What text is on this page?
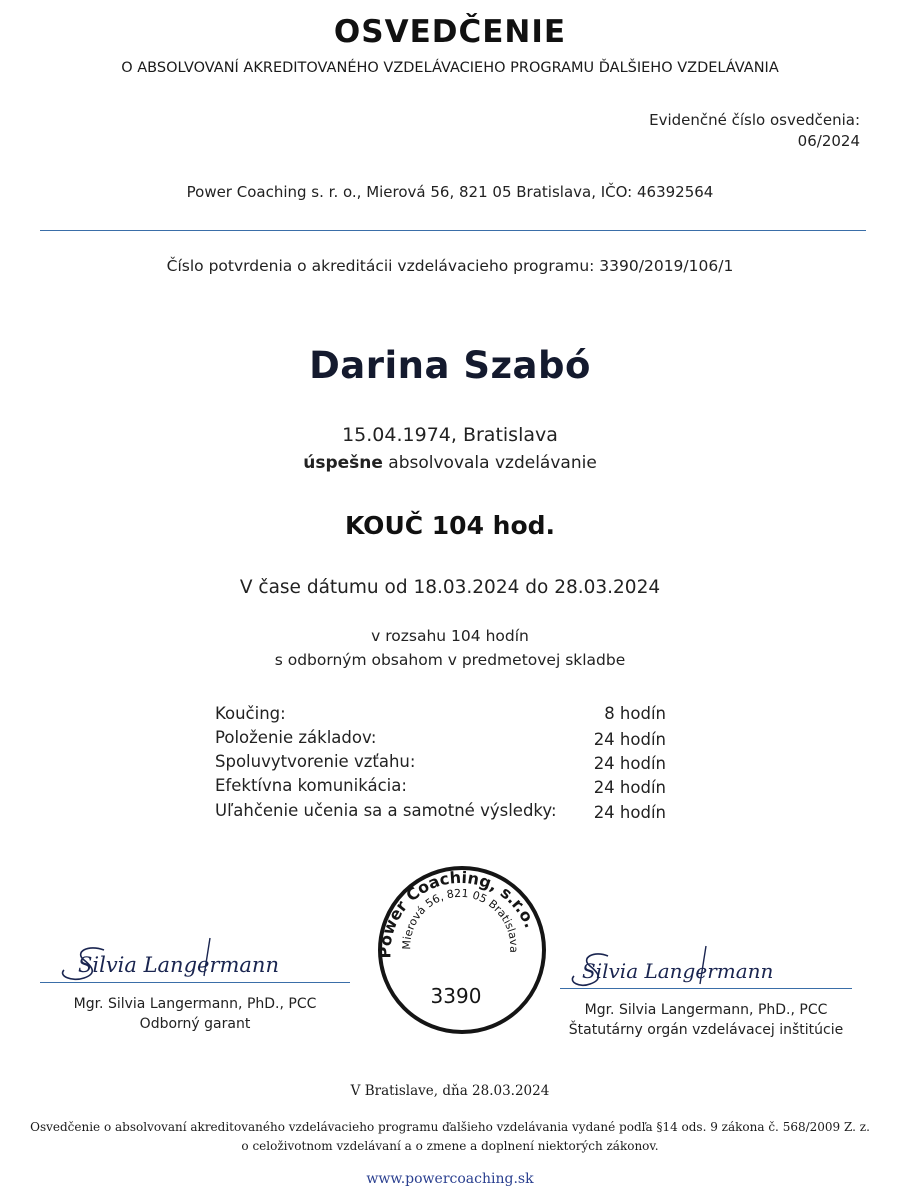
OSVEDČENIE
O ABSOLVOVANÍ AKREDITOVANÉHO VZDELÁVACIEHO PROGRAMU ĎALŠIEHO VZDELÁVANIA
Evidenčné číslo osvedčenia:
06/2024
Power Coaching s. r. o., Mierová 56, 821 05 Bratislava, IČO: 46392564
Číslo potvrdenia o akreditácii vzdelávacieho programu: 3390/2019/106/1
Darina Szabó
15.04.1974, Bratislava
úspešne absolvovala vzdelávanie
KOUČ 104 hod.
V čase dátumu od 18.03.2024 do 28.03.2024
v rozsahu 104 hodín
s odborným obsahom v predmetovej skladbe
Koučing:	8 hodín
Položenie základov:	24 hodín
Spoluvytvorenie vzťahu:	24 hodín
Efektívna komunikácia:	24 hodín
Uľahčenie učenia sa a samotné výsledky:	24 hodín
Silvia Langermann
Mgr. Silvia Langermann, PhD., PCC
Odborný garant
Silvia Langermann
Mgr. Silvia Langermann, PhD., PCC
Štatutárny orgán vzdelávacej inštitúcie
Power Coaching, s.r.o.
Mierová 56, 821 05 Bratislava
3390
V Bratislave, dňa 28.03.2024
Osvedčenie o absolvovaní akreditovaného vzdelávacieho programu ďalšieho vzdelávania vydané podľa §14 ods. 9 zákona č. 568/2009 Z. z.
o celoživotnom vzdelávaní a o zmene a doplnení niektorých zákonov.
www.powercoaching.sk
